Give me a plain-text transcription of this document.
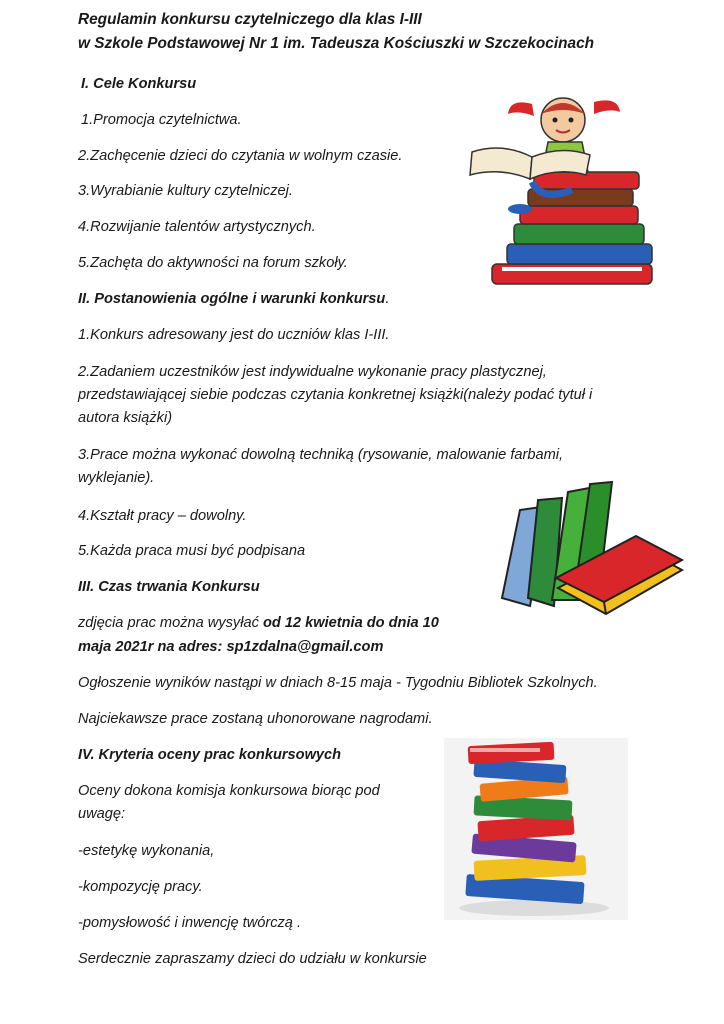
Regulamin konkursu czytelniczego dla klas I-III
w Szkole Podstawowej Nr 1 im. Tadeusza Kościuszki w Szczekocinach
I. Cele Konkursu
1.Promocja czytelnictwa.
2.Zachęcenie dzieci do czytania w wolnym czasie.
3.Wyrabianie kultury czytelniczej.
4.Rozwijanie talentów artystycznych.
5.Zachęta do aktywności na forum szkoły.
II. Postanowienia ogólne i warunki konkursu.
1.Konkurs adresowany jest do uczniów klas I-III.
2.Zadaniem uczestników jest indywidualne wykonanie pracy plastycznej,
przedstawiającej siebie podczas czytania konkretnej książki(należy podać tytuł i
autora książki)
3.Prace można wykonać dowolną techniką (rysowanie, malowanie farbami,
wyklejanie).
4.Kształt pracy – dowolny.
5.Każda praca musi być podpisana
III. Czas trwania Konkursu
zdjęcia prac można wysyłać od 12 kwietnia do dnia 10
maja 2021r na adres: sp1zdalna@gmail.com
Ogłoszenie wyników nastąpi w dniach 8-15 maja - Tygodniu Bibliotek Szkolnych.
Najciekawsze prace zostaną uhonorowane nagrodami.
IV. Kryteria oceny prac konkursowych
Oceny dokona komisja konkursowa biorąc pod
uwagę:
-estetykę wykonania,
-kompozycję pracy.
-pomysłowość i inwencję twórczą .
Serdecznie zapraszamy dzieci do udziału w konkursie
